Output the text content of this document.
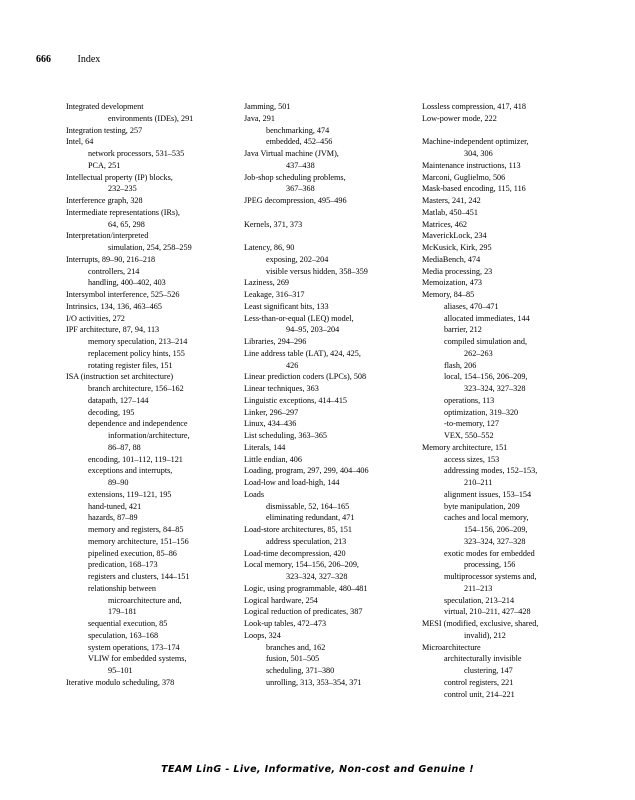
666	Index
Integrated development
environments (IDEs), 291
Integration testing, 257
Intel, 64
network processors, 531–535
PCA, 251
Intellectual property (IP) blocks,
232–235
Interference graph, 328
Intermediate representations (IRs),
64, 65, 298
Interpretation/interpreted
simulation, 254, 258–259
Interrupts, 89–90, 216–218
controllers, 214
handling, 400–402, 403
Intersymbol interference, 525–526
Intrinsics, 134, 136, 463–465
I/O activities, 272
IPF architecture, 87, 94, 113
memory speculation, 213–214
replacement policy hints, 155
rotating register files, 151
ISA (instruction set architecture)
branch architecture, 156–162
datapath, 127–144
decoding, 195
dependence and independence
information/architecture,
86–87, 88
encoding, 101–112, 119–121
exceptions and interrupts,
89–90
extensions, 119–121, 195
hand-tuned, 421
hazards, 87–89
memory and registers, 84–85
memory architecture, 151–156
pipelined execution, 85–86
predication, 168–173
registers and clusters, 144–151
relationship between
microarchitecture and,
179–181
sequential execution, 85
speculation, 163–168
system operations, 173–174
VLIW for embedded systems,
95–101
Iterative modulo scheduling, 378
Jamming, 501
Java, 291
benchmarking, 474
embedded, 452–456
Java Virtual machine (JVM),
437–438
Job-shop scheduling problems,
367–368
JPEG decompression, 495–496
Kernels, 371, 373
Latency, 86, 90
exposing, 202–204
visible versus hidden, 358–359
Laziness, 269
Leakage, 316–317
Least significant bits, 133
Less-than-or-equal (LEQ) model,
94–95, 203–204
Libraries, 294–296
Line address table (LAT), 424, 425,
426
Linear prediction coders (LPCs), 508
Linear techniques, 363
Linguistic exceptions, 414–415
Linker, 296–297
Linux, 434–436
List scheduling, 363–365
Literals, 144
Little endian, 406
Loading, program, 297, 299, 404–406
Load-low and load-high, 144
Loads
dismissable, 52, 164–165
eliminating redundant, 471
Load-store architectures, 85, 151
address speculation, 213
Load-time decompression, 420
Local memory, 154–156, 206–209,
323–324, 327–328
Logic, using programmable, 480–481
Logical hardware, 254
Logical reduction of predicates, 387
Look-up tables, 472–473
Loops, 324
branches and, 162
fusion, 501–505
scheduling, 371–380
unrolling, 313, 353–354, 371
Lossless compression, 417, 418
Low-power mode, 222
Machine-independent optimizer,
304, 306
Maintenance instructions, 113
Marconi, Guglielmo, 506
Mask-based encoding, 115, 116
Masters, 241, 242
Matlab, 450–451
Matrices, 462
MaverickLock, 234
McKusick, Kirk, 295
MediaBench, 474
Media processing, 23
Memoization, 473
Memory, 84–85
aliases, 470–471
allocated immediates, 144
barrier, 212
compiled simulation and,
262–263
flash, 206
local, 154–156, 206–209,
323–324, 327–328
operations, 113
optimization, 319–320
-to-memory, 127
VEX, 550–552
Memory architecture, 151
access sizes, 153
addressing modes, 152–153,
210–211
alignment issues, 153–154
byte manipulation, 209
caches and local memory,
154–156, 206–209,
323–324, 327–328
exotic modes for embedded
processing, 156
multiprocessor systems and,
211–213
speculation, 213–214
virtual, 210–211, 427–428
MESI (modified, exclusive, shared,
invalid), 212
Microarchitecture
architecturally invisible
clustering, 147
control registers, 221
control unit, 214–221
TEAM LinG - Live, Informative, Non-cost and Genuine !
